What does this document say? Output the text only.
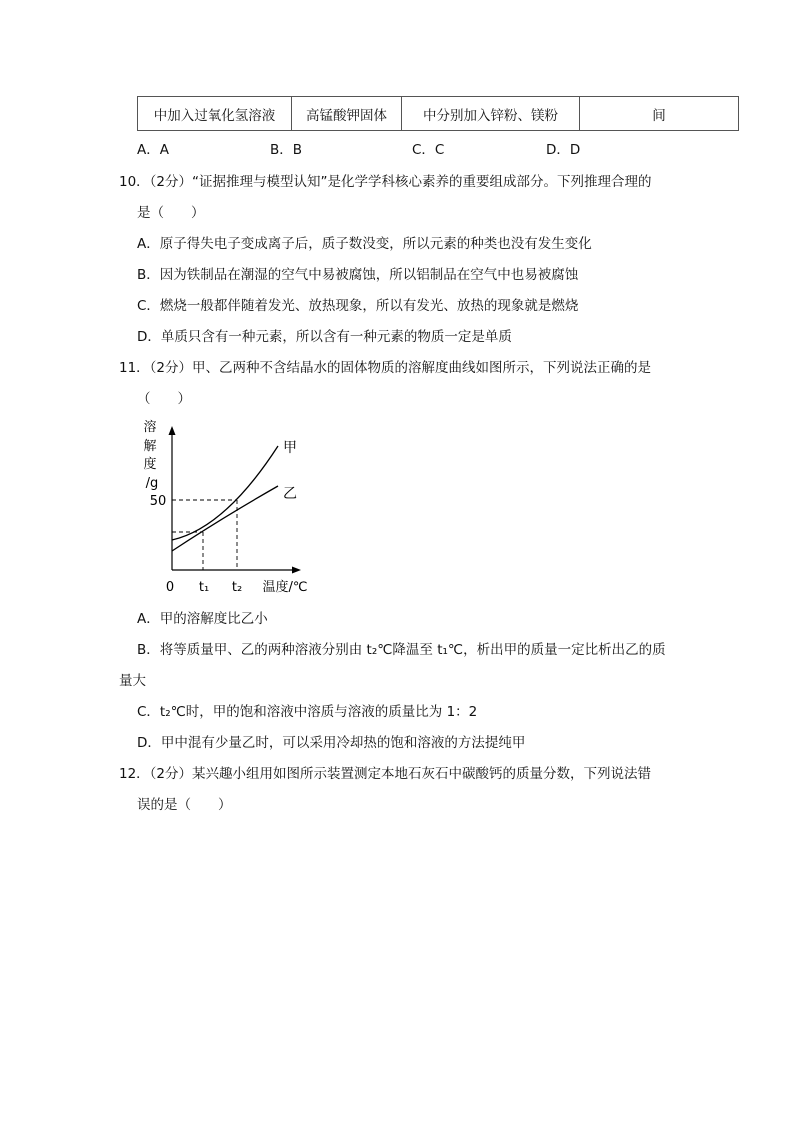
中加入过氧化氢溶液	高锰酸钾固体	中分别加入锌粉、镁粉	间
A．A	B．B	C．C	D．D
10．（2分）“证据推理与模型认知”是化学学科核心素养的重要组成部分。下列推理合理的
是（　　）
A．原子得失电子变成离子后，质子数没变，所以元素的种类也没有发生变化
B．因为铁制品在潮湿的空气中易被腐蚀，所以铝制品在空气中也易被腐蚀
C．燃烧一般都伴随着发光、放热现象，所以有发光、放热的现象就是燃烧
D．单质只含有一种元素，所以含有一种元素的物质一定是单质
11．（2分）甲、乙两种不含结晶水的固体物质的溶解度曲线如图所示，下列说法正确的是
（　　）
溶
解
度
/g
50
0 t₁ t₂ 温度/℃
甲
乙
A．甲的溶解度比乙小
B．将等质量甲、乙的两种溶液分别由 t₂℃降温至 t₁℃，析出甲的质量一定比析出乙的质
量大
C．t₂℃时，甲的饱和溶液中溶质与溶液的质量比为 1：2
D．甲中混有少量乙时，可以采用冷却热的饱和溶液的方法提纯甲
12．（2分）某兴趣小组用如图所示装置测定本地石灰石中碳酸钙的质量分数，下列说法错
误的是（　　）
